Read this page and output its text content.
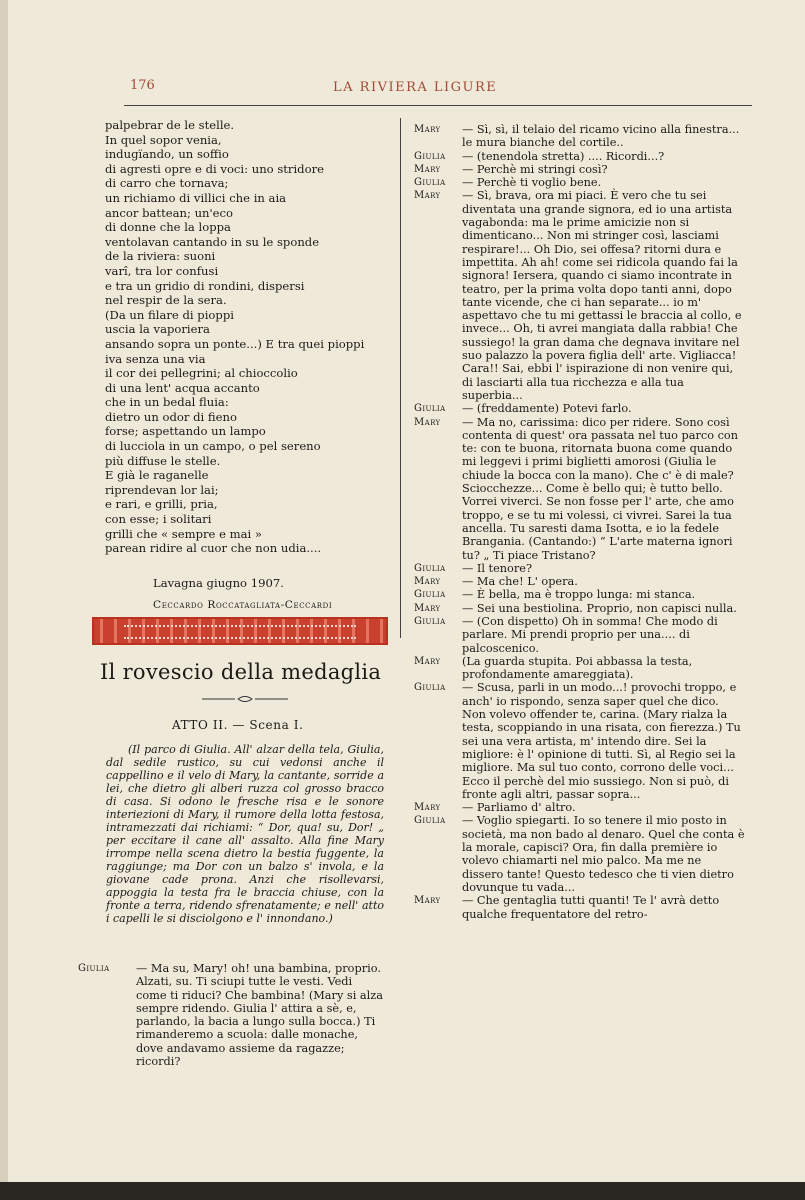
176	LA RIVIERA LIGURE
palpebrar de le stelle.
In quel sopor venia,
indugïando, un soffio
di agresti opre e di voci: uno stridore
di carro che tornava;
un richiamo di villici che in aia
ancor battean; un'eco
di donne che la loppa
ventolavan cantando in su le sponde
de la riviera: suoni
varî, tra lor confusi
e tra un gridio di rondini, dispersi
nel respir de la sera.
(Da un filare di pioppi
uscia la vaporiera
ansando sopra un ponte...) E tra quei pioppi
iva senza una via
il cor dei pellegrini; al chioccolio
di una lent' acqua accanto
che in un bedal fluia:
dietro un odor di fieno
forse; aspettando un lampo
di lucciola in un campo, o pel sereno
più diffuse le stelle.
E già le raganelle
riprendevan lor lai;
e rari, e grilli, pria,
con esse; i solitari
grilli che « sempre e mai »
parean ridire al cuor che non udia....
Lavagna giugno 1907.
Ceccardo Roccatagliata-Ceccardi
Il rovescio della medaglia
ATTO II. — Scena I.

(Il parco di Giulia. All' alzar della tela, Giulia, dal sedile rustico, su cui vedonsi anche il cappellino e il velo di Mary, la cantante, sorride a lei, che dietro gli alberi ruzza col grosso bracco di casa. Si odono le fresche risa e le sonore interiezioni di Mary, il rumore della lotta festosa, intramezzati dai richiami: “ Dor, qua! su, Dor! „ per eccitare il cane all' assalto. Alla fine Mary irrompe nella scena dietro la bestia fuggente, la raggiunge; ma Dor con un balzo s' invola, e la giovane cade prona. Anzi che risollevarsi, appoggia la testa fra le braccia chiuse, con la fronte a terra, ridendo sfrenatamente; e nell' atto i capelli le si disciolgono e l' innondano.)

Giulia — Ma su, Mary! oh! una bambina, proprio. Alzati, su. Ti sciupi tutte le vesti. Vedi come ti riduci? Che bambina! (Mary si alza sempre ridendo. Giulia l' attira a sè, e, parlando, la bacia a lungo sulla bocca.) Ti rimanderemo a scuola: dalle monache, dove andavamo assieme da ragazze; ricordi?
Mary — Sì, sì, il telaio del ricamo vicino alla finestra... le mura bianche del cortile..
Giulia — (tenendola stretta) .... Ricordi...?
Mary — Perchè mi stringi così?
Giulia — Perchè ti voglio bene.
Mary — Sì, brava, ora mi piaci. È vero che tu sei diventata una grande signora, ed io una artista vagabonda: ma le prime amicizie non si dimenticano... Non mi stringer così, lasciami respirare!... Oh Dio, sei offesa? ritorni dura e impettita. Ah ah! come sei ridicola quando fai la signora! Iersera, quando ci siamo incontrate in teatro, per la prima volta dopo tanti anni, dopo tante vicende, che ci han separate... io m' aspettavo che tu mi gettassi le braccia al collo, e invece... Oh, ti avrei mangiata dalla rabbia! Che sussiego! la gran dama che degnava invitare nel suo palazzo la povera figlia dell' arte. Vigliacca! Cara!! Sai, ebbi l' ispirazione di non venire qui, di lasciarti alla tua ricchezza e alla tua superbia...
Giulia — (freddamente) Potevi farlo.
Mary — Ma no, carissima: dico per ridere. Sono così contenta di quest' ora passata nel tuo parco con te: con te buona, ritornata buona come quando mi leggevi i primi biglietti amorosi (Giulia le chiude la bocca con la mano). Che c' è di male? Sciocchezze... Come è bello qui; è tutto bello. Vorrei viverci. Se non fosse per l' arte, che amo troppo, e se tu mi volessi, ci vivrei. Sarei la tua ancella. Tu saresti dama Isotta, e io la fedele Brangania. (Cantando:) “ L'arte materna ignori tu? „ Ti piace Tristano?
Giulia — Il tenore?
Mary — Ma che! L' opera.
Giulia — È bella, ma è troppo lunga: mi stanca.
Mary — Sei una bestiolina. Proprio, non capisci nulla.
Giulia — (Con dispetto) Oh in somma! Che modo di parlare. Mi prendi proprio per una.... di palcoscenico.
Mary (La guarda stupita. Poi abbassa la testa, profondamente amareggiata).
Giulia — Scusa, parli in un modo...! provochi troppo, e anch' io rispondo, senza saper quel che dico. Non volevo offender te, carina. (Mary rialza la testa, scoppiando in una risata, con fierezza.) Tu sei una vera artista, m' intendo dire. Sei la migliore: è l' opinione di tutti. Sì, al Regio sei la migliore. Ma sul tuo conto, corrono delle voci... Ecco il perchè del mio sussiego. Non si può, di fronte agli altri, passar sopra...
Mary — Parliamo d' altro.
Giulia — Voglio spiegarti. Io so tenere il mio posto in società, ma non bado al denaro. Quel che conta è la morale, capisci? Ora, fin dalla première io volevo chiamarti nel mio palco. Ma me ne dissero tante! Questo tedesco che ti vien dietro dovunque tu vada...
Mary — Che gentaglia tutti quanti! Te l' avrà detto qualche frequentatore del retro-
